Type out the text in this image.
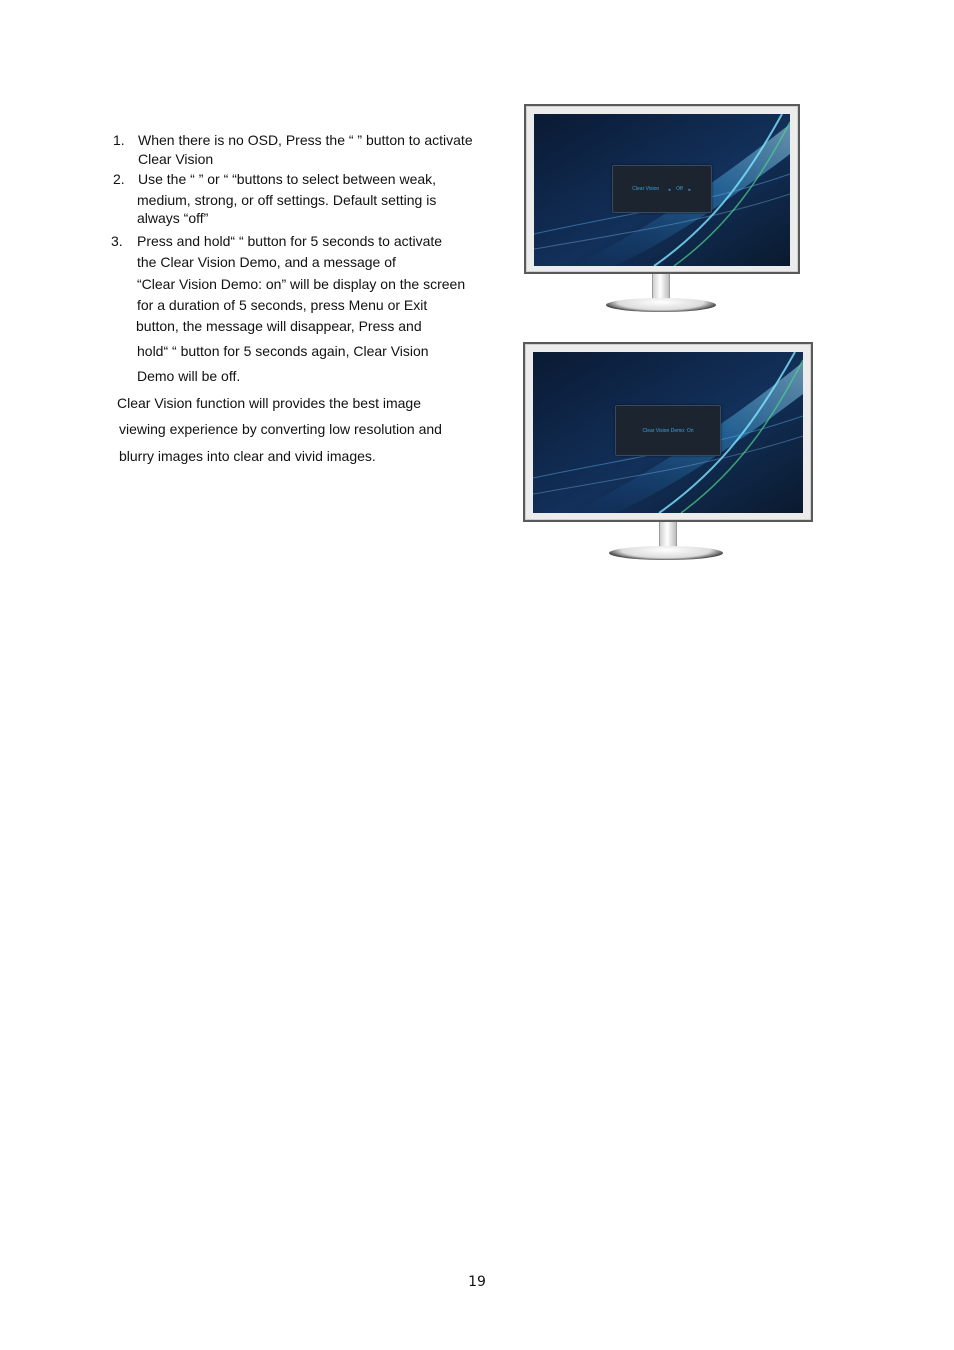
1. When there is no OSD, Press the “ ” button to activate
Clear Vision
2. Use the “ ” or “ “buttons to select between weak,
medium, strong, or off settings. Default setting is
always “off”
3. Press and hold“ “ button for 5 seconds to activate
the Clear Vision Demo, and a message of
“Clear Vision Demo: on” will be display on the screen
for a duration of 5 seconds, press Menu or Exit
button, the message will disappear, Press and
hold“ “ button for 5 seconds again, Clear Vision
Demo will be off.
Clear Vision function will provides the best image
viewing experience by converting low resolution and
blurry images into clear and vivid images.
Clear Vision ◄ Off ►
Clear Vision Demo: On
19
